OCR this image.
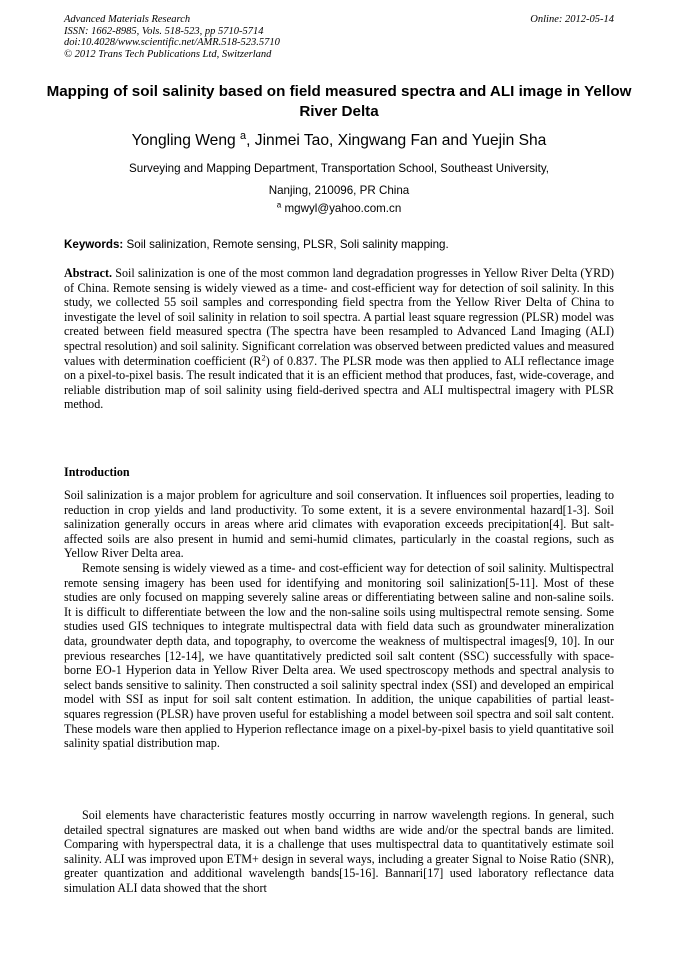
Advanced Materials Research
ISSN: 1662-8985, Vols. 518-523, pp 5710-5714
doi:10.4028/www.scientific.net/AMR.518-523.5710
© 2012 Trans Tech Publications Ltd, Switzerland
Online: 2012-05-14
Mapping of soil salinity based on field measured spectra and ALI image in Yellow River Delta
Yongling Weng $^a$, Jinmei Tao, Xingwang Fan and Yuejin Sha
Surveying and Mapping Department, Transportation School, Southeast University,
Nanjing, 210096, PR China
$^a$ mgwyl@yahoo.com.cn
Keywords: Soil salinization, Remote sensing, PLSR, Soli salinity mapping.

Abstract. Soil salinization is one of the most common land degradation progresses in Yellow River Delta (YRD) of China. Remote sensing is widely viewed as a time- and cost-efficient way for detection of soil salinity. In this study, we collected 55 soil samples and corresponding field spectra from the Yellow River Delta of China to investigate the level of soil salinity in relation to soil spectra. A partial least square regression (PLSR) model was created between field measured spectra (The spectra have been resampled to Advanced Land Imaging (ALI) spectral resolution) and soil salinity. Significant correlation was observed between predicted values and measured values with determination coefficient $(R^2)$ of 0.837. The PLSR mode was then applied to ALI reflectance image on a pixel-to-pixel basis. The result indicated that it is an efficient method that produces, fast, wide-coverage, and reliable distribution map of soil salinity using field-derived spectra and ALI multispectral imagery with PLSR method.

Introduction
Soil salinization is a major problem for agriculture and soil conservation. It influences soil properties, leading to reduction in crop yields and land productivity. To some extent, it is a severe environmental hazard[1-3]. Soil salinization generally occurs in areas where arid climates with evaporation exceeds precipitation[4]. But salt-affected soils are also present in humid and semi-humid climates, particularly in the coastal regions, such as Yellow River Delta area.
Remote sensing is widely viewed as a time- and cost-efficient way for detection of soil salinity. Multispectral remote sensing imagery has been used for identifying and monitoring soil salinization[5-11]. Most of these studies are only focused on mapping severely saline areas or differentiating between saline and non-saline soils. It is difficult to differentiate between the low and the non-saline soils using multispectral remote sensing. Some studies used GIS techniques to integrate multispectral data with field data such as groundwater mineralization data, groundwater depth data, and topography, to overcome the weakness of multispectral images[9, 10]. In our previous researches [12-14], we have quantitatively predicted soil salt content (SSC) successfully with space-borne EO-1 Hyperion data in Yellow River Delta area. We used spectroscopy methods and spectral analysis to select bands sensitive to salinity. Then constructed a soil salinity spectral index (SSI) and developed an empirical model with SSI as input for soil salt content estimation. In addition, the unique capabilities of partial least-squares regression (PLSR) have proven useful for establishing a model between soil spectra and soil salt content. These models ware then applied to Hyperion reflectance image on a pixel-by-pixel basis to yield quantitative soil salinity spatial distribution map.

Soil elements have characteristic features mostly occurring in narrow wavelength regions. In general, such detailed spectral signatures are masked out when band widths are wide and/or the spectral bands are limited. Comparing with hyperspectral data, it is a challenge that uses multispectral data to quantitatively estimate soil salinity. ALI was improved upon ETM+ design in several ways, including a greater Signal to Noise Ratio (SNR), greater quantization and additional wavelength bands[15-16]. Bannari[17] used laboratory reflectance data simulation ALI data showed that the short
